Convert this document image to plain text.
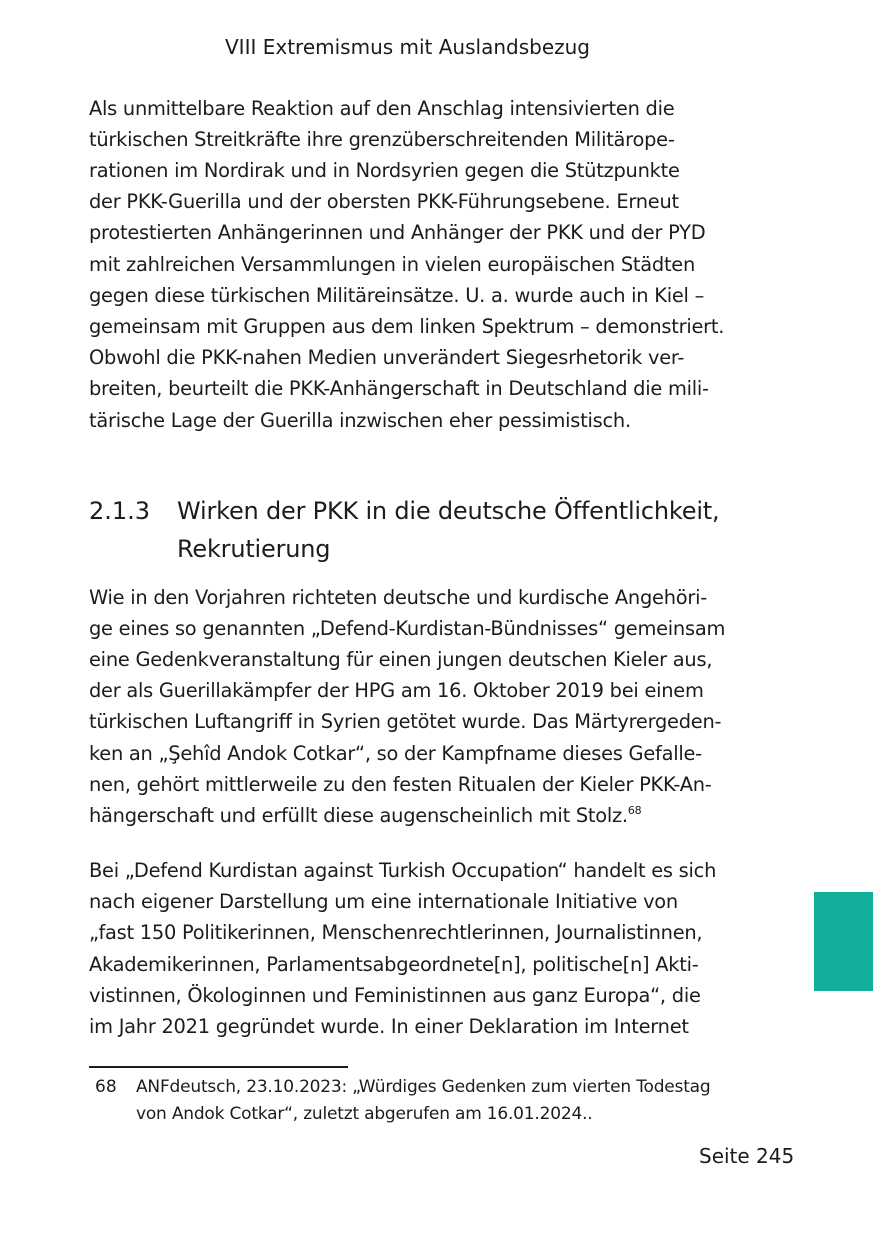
VIII Extremismus mit Auslandsbezug
Als unmittelbare Reaktion auf den Anschlag intensivierten die
türkischen Streitkräfte ihre grenzüberschreitenden Militärope-
rationen im Nordirak und in Nordsyrien gegen die Stützpunkte
der PKK-Guerilla und der obersten PKK-Führungsebene. Erneut
protestierten Anhängerinnen und Anhänger der PKK und der PYD
mit zahlreichen Versammlungen in vielen europäischen Städten
gegen diese türkischen Militäreinsätze. U. a. wurde auch in Kiel –
gemeinsam mit Gruppen aus dem linken Spektrum – demonstriert.
Obwohl die PKK-nahen Medien unverändert Siegesrhetorik ver-
breiten, beurteilt die PKK-Anhängerschaft in Deutschland die mili-
tärische Lage der Guerilla inzwischen eher pessimistisch.
2.1.3 Wirken der PKK in die deutsche Öffentlichkeit,
Rekrutierung
Wie in den Vorjahren richteten deutsche und kurdische Angehöri-
ge eines so genannten „Defend-Kurdistan-Bündnisses“ gemeinsam
eine Gedenkveranstaltung für einen jungen deutschen Kieler aus,
der als Guerillakämpfer der HPG am 16. Oktober 2019 bei einem
türkischen Luftangriff in Syrien getötet wurde. Das Märtyrergeden-
ken an „Şehîd Andok Cotkar“, so der Kampfname dieses Gefalle-
nen, gehört mittlerweile zu den festen Ritualen der Kieler PKK-An-
hängerschaft und erfüllt diese augenscheinlich mit Stolz.$^{68}$
Bei „Defend Kurdistan against Turkish Occupation“ handelt es sich
nach eigener Darstellung um eine internationale Initiative von
„fast 150 Politikerinnen, Menschenrechtlerinnen, Journalistinnen,
Akademikerinnen, Parlamentsabgeordnete[n], politische[n] Akti-
vistinnen, Ökologinnen und Feministinnen aus ganz Europa“, die
im Jahr 2021 gegründet wurde. In einer Deklaration im Internet
68 ANFdeutsch, 23.10.2023: „Würdiges Gedenken zum vierten Todestag
von Andok Cotkar“, zuletzt abgerufen am 16.01.2024..
Seite 245
